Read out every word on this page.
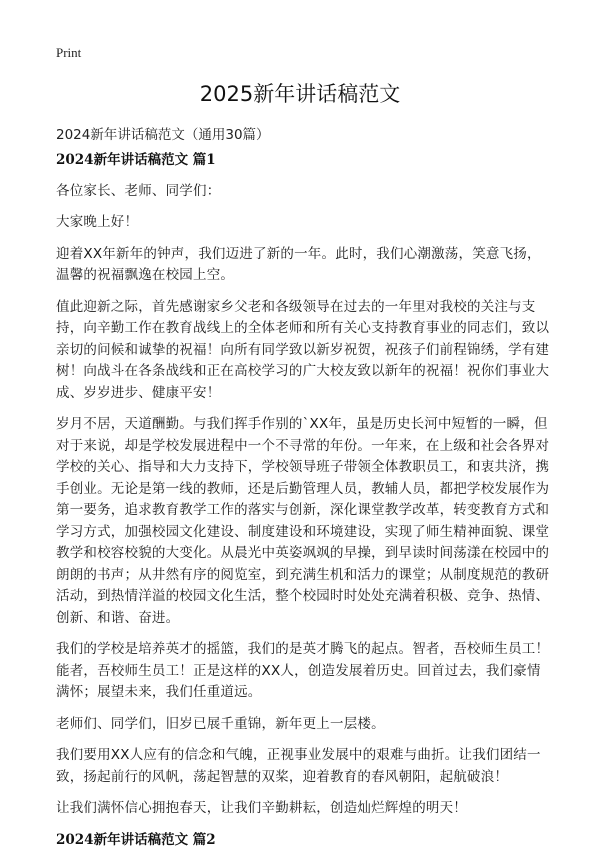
Print
2025新年讲话稿范文
2024新年讲话稿范文（通用30篇）
2024新年讲话稿范文 篇1

各位家长、老师、同学们：

大家晚上好！

迎着XX年新年的钟声，我们迈进了新的一年。此时，我们心潮激荡，笑意飞扬，温馨的祝福飘逸在校园上空。

值此迎新之际，首先感谢家乡父老和各级领导在过去的一年里对我校的关注与支持，向辛勤工作在教育战线上的全体老师和所有关心支持教育事业的同志们，致以亲切的问候和诚挚的祝福！向所有同学致以新岁祝贺，祝孩子们前程锦绣，学有建树！向战斗在各条战线和正在高校学习的广大校友致以新年的祝福！祝你们事业大成、岁岁进步、健康平安！

岁月不居，天道酬勤。与我们挥手作别的`XX年，虽是历史长河中短暂的一瞬，但对于来说，却是学校发展进程中一个不寻常的年份。一年来，在上级和社会各界对学校的关心、指导和大力支持下，学校领导班子带领全体教职员工，和衷共济，携手创业。无论是第一线的教师，还是后勤管理人员，教辅人员，都把学校发展作为第一要务，追求教育教学工作的落实与创新，深化课堂教学改革，转变教育方式和学习方式，加强校园文化建设、制度建设和环境建设，实现了师生精神面貌、课堂教学和校容校貌的大变化。从晨光中英姿飒飒的早操，到早读时间荡漾在校园中的朗朗的书声；从井然有序的阅览室，到充满生机和活力的课堂；从制度规范的教研活动，到热情洋溢的校园文化生活，整个校园时时处处充满着积极、竞争、热情、创新、和谐、奋进。

我们的学校是培养英才的摇篮，我们的是英才腾飞的起点。智者，吾校师生员工！能者，吾校师生员工！正是这样的XX人，创造发展着历史。回首过去，我们豪情满怀；展望未来，我们任重道远。

老师们、同学们，旧岁已展千重锦，新年更上一层楼。

我们要用XX人应有的信念和气魄，正视事业发展中的艰难与曲折。让我们团结一致，扬起前行的风帆，荡起智慧的双桨，迎着教育的春风朝阳，起航破浪！

让我们满怀信心拥抱春天，让我们辛勤耕耘，创造灿烂辉煌的明天！

2024新年讲话稿范文 篇2
